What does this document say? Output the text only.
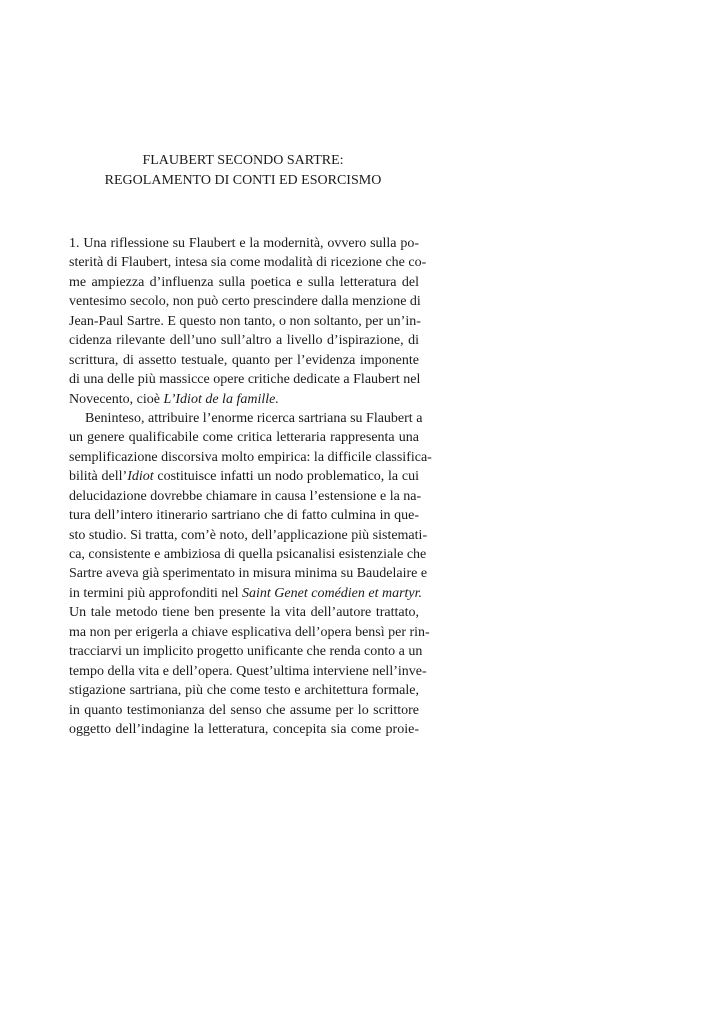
FLAUBERT SECONDO SARTRE:
REGOLAMENTO DI CONTI ED ESORCISMO
1. Una riflessione su Flaubert e la modernità, ovvero sulla po-
sterità di Flaubert, intesa sia come modalità di ricezione che co-
me ampiezza d’influenza sulla poetica e sulla letteratura del
ventesimo secolo, non può certo prescindere dalla menzione di
Jean-Paul Sartre. E questo non tanto, o non soltanto, per un’in-
cidenza rilevante dell’uno sull’altro a livello d’ispirazione, di
scrittura, di assetto testuale, quanto per l’evidenza imponente
di una delle più massicce opere critiche dedicate a Flaubert nel
Novecento, cioè L’Idiot de la famille.
Beninteso, attribuire l’enorme ricerca sartriana su Flaubert a
un genere qualificabile come critica letteraria rappresenta una
semplificazione discorsiva molto empirica: la difficile classifica-
bilità dell’Idiot costituisce infatti un nodo problematico, la cui
delucidazione dovrebbe chiamare in causa l’estensione e la na-
tura dell’intero itinerario sartriano che di fatto culmina in que-
sto studio. Si tratta, com’è noto, dell’applicazione più sistemati-
ca, consistente e ambiziosa di quella psicanalisi esistenziale che
Sartre aveva già sperimentato in misura minima su Baudelaire e
in termini più approfonditi nel Saint Genet comédien et martyr.
Un tale metodo tiene ben presente la vita dell’autore trattato,
ma non per erigerla a chiave esplicativa dell’opera bensì per rin-
tracciarvi un implicito progetto unificante che renda conto a un
tempo della vita e dell’opera. Quest’ultima interviene nell’inve-
stigazione sartriana, più che come testo e architettura formale,
in quanto testimonianza del senso che assume per lo scrittore
oggetto dell’indagine la letteratura, concepita sia come proie-
